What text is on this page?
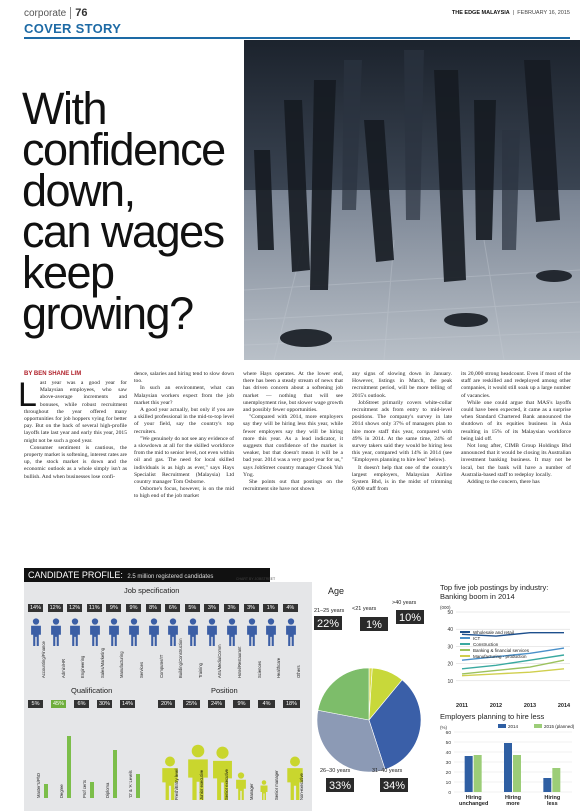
corporate 76	THE EDGE MALAYSIA  |  FEBRUARY 16, 2015
COVER STORY
With
confidence
down,
can wages
keep
growing?
BY BEN SHANE LIM
L ast year was a good year for Malaysian employees, who saw above-average increments and bonuses, while robust recruitment throughout the year offered many opportunities for job hoppers vying for better pay. But on the back of several high-profile layoffs late last year and early this year, 2015 might not be such a good year.

Consumer sentiment is cautious, the property market is softening, interest rates are up, the stock market is down and the economic outlook as a whole simply isn't as bullish. And when businesses lose confi-

dence, salaries and hiring tend to slow down too.

In such an environment, what can Malaysian workers expect from the job market this year?

A good year actually, but only if you are a skilled professional in the mid-to-top level of your field, say the country's top recruiters.

"We genuinely do not see any evidence of a slowdown at all for the skilled workforce from the mid to senior level, not even within oil and gas. The need for local skilled individuals is as high as ever," says Hays Specialist Recruitment (Malaysia) Ltd country manager Tom Osborne.

Osborne's focus, however, is on the mid to high end of the job market

where Hays operates. At the lower end, there has been a steady stream of news that has driven concern about a softening job market — nothing that will see unemployment rise, but slower wage growth and possibly fewer opportunities.

"Compared with 2014, more employers say they will be hiring less this year, while fewer employers say they will be hiring more this year. As a lead indicator, it suggests that confidence of the market is weaker, but that doesn't mean it will be a bad year. 2014 was a very good year for us," says JobStreet country manager Chook Yuh Yng.

She points out that postings on the recruitment site have not shown

any signs of slowing down in January. However, listings in March, the peak recruitment period, will be more telling of 2015's outlook.

JobStreet primarily covers white-collar recruitment ads from entry to mid-level positions. The company's survey in late 2014 shows only 37% of managers plan to hire more staff this year, compared with 49% in 2014. At the same time, 24% of survey takers said they would be hiring less this year, compared with 14% in 2014 (see "Employers planning to hire less" below).

It doesn't help that one of the country's largest employers, Malaysian Airline System Bhd, is in the midst of trimming 6,000 staff from

its 20,000 strong headcount. Even if most of the staff are reskilled and redeployed among other companies, it would still soak up a large number of vacancies.

While one could argue that MAS's layoffs could have been expected, it came as a surprise when Standard Chartered Bank announced the shutdown of its equities business in Asia resulting in 15% of its Malaysian workforce being laid off.

Not long after, CIMB Group Holdings Bhd announced that it would be closing its Australian investment banking business. It may not be local, but the bank will have a number of Australia-based staff to redeploy locally.

Adding to the concern, there has

CANDIDATE PROFILE: 2.5 million registered candidates	CHART BY JOBSTREET
Job specification
Qualification	Position
Age
21–25 years
22%
<21 years
1%
>40 years
10%
26–30 years
33%
31–40 years
34%
Top five job postings by industry: Banking boom in 2014
(000)
50
40
30
20
10
2011	2012	2013	2014
Wholesale and retail
ICT
Construction
Banking & financial services
Manufacturing - production
Employers planning to hire less
(%)
60
50
40
30
20
10
0
Hiring
unchanged
Hiring
more
Hiring
less
2014	2015 (planned)
14%
Accounting/Finance
12%
Admin/HR
12%
Engineering
11%
Sales/Marketing
9%
Manufacturing
9%
Services
8%
Computer/IT
6%
Building/Construction
5%
Training
3%
Arts/Media/Comm
3%
Hotel/Restaurant
3%
Sciences
1%
Healthcare
4%
Others
5%
Master's/PhD
45%
Degree
6%
Prof certs
30%
Diploma
14%
'O' & 'A' Levels
20%
Fresh/Entry level
25%
Junior executive
24%
Senior executive
9%
Manager
4%
Senior manager
18%
Non-executive
